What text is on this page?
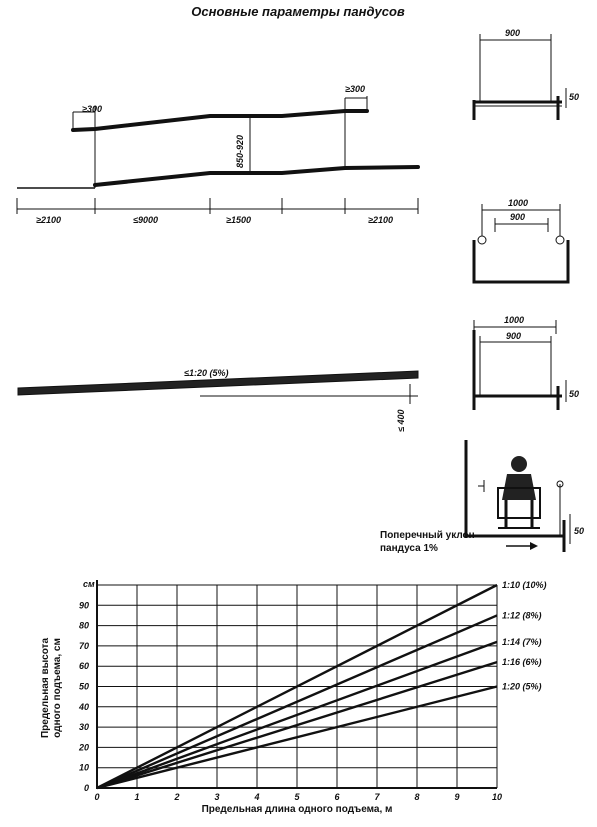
Основные параметры пандусов
≥300
≥300
850-920
≥2100	≤9000	≥1500	≥2100
≤1:20 (5%)
≤ 400
900
50
1000
900
1000
900
50
50
Поперечный уклон
пандуса 1%
0	1	2	3	4	5	6	7	8	9	10
0
10
20
30
40
50
60
70
80
90
1:10 (10%)
1:12 (8%)
1:14 (7%)
1:16 (6%)
1:20 (5%)
см
Предельная высота одного подъема, см
Предельная длина одного подъема, м
